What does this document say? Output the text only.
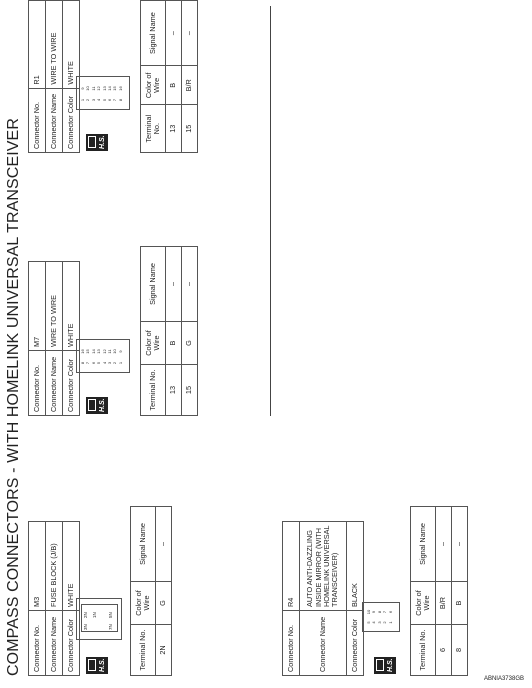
COMPASS CONNECTORS - WITH HOMELINK UNIVERSAL TRANSCEIVER Connector No.	M3
Connector Name	FUSE BLOCK (J/B)
Connector Color	WHITE
H.S.
3N
2N 1N
7N
5N
Terminal No.	Color of Wire	Signal Name
2N	G	–
Connector No.	M7
Connector Name	WIRE TO WIRE
Connector Color	WHITE
H.S.
8 7 6 5 4 3 2 1
16 15 14 13 12 11 10 9
Terminal No.	Color of Wire	Signal Name
13	B	–
15	G	–
Connector No.	R1
Connector Name	WIRE TO WIRE
Connector Color	WHITE
H.S.
1 2 3 4 5 6 7 8
9 10 11 12 13 14 15 16
Terminal No.	Color of Wire	Signal Name
13	B	–
15	B/R	–
Connector No.	R4
Connector Name	AUTO ANTI-DAZZLING INSIDE MIRROR (WITH HOMELINK UNIVERSAL TRANSCEIVER)
Connector Color	BLACK
H.S.
5 4 3 2 1
10 9 8 7 6
Terminal No.	Color of Wire	Signal Name
6	B/R	–
8	B	–
ABNIA3738GB
